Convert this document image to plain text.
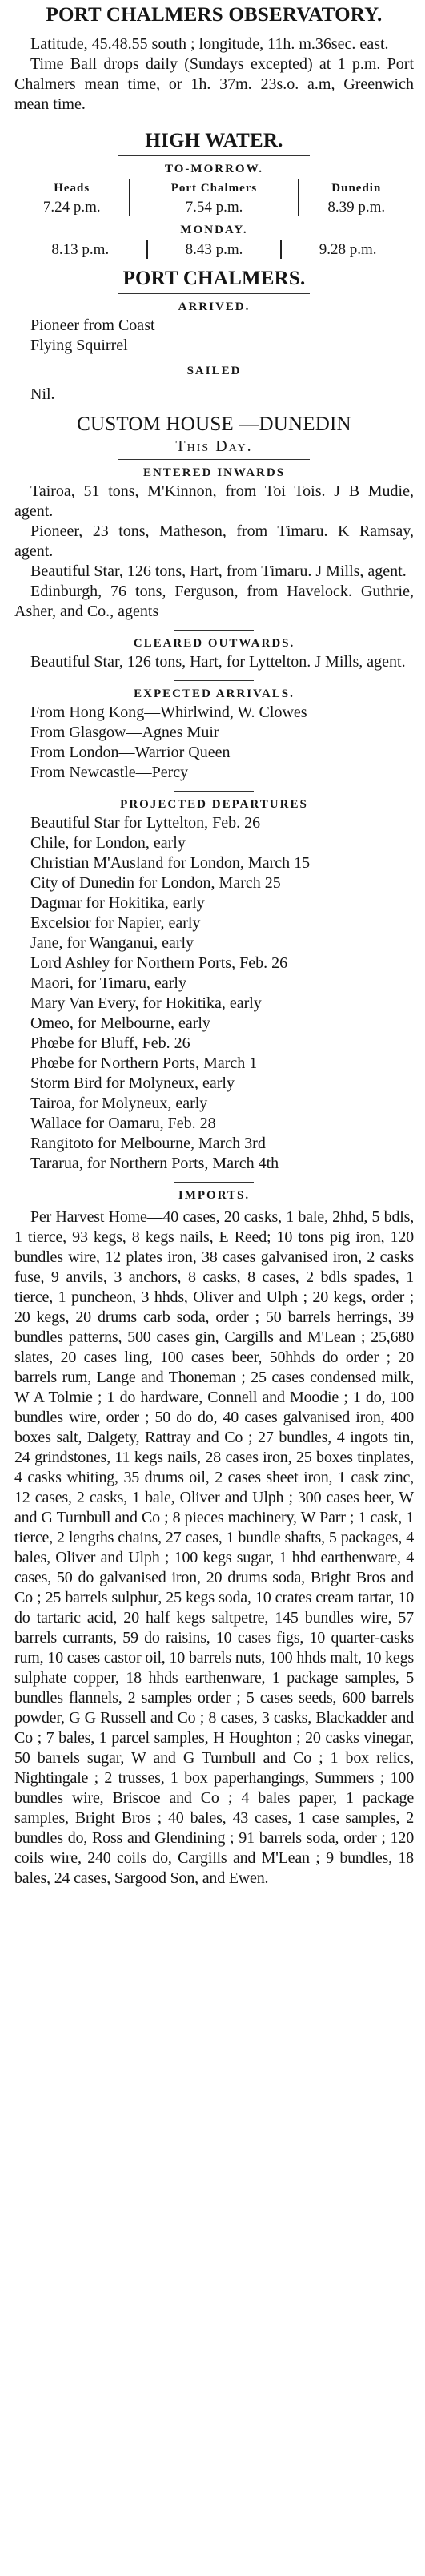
PORT CHALMERS OBSERVATORY.

Latitude, 45.48.55 south ; longitude, 11h. m.36sec. east.

Time Ball drops daily (Sundays excepted) at 1 p.m. Port Chalmers mean time, or 1h. 37m. 23s.o. a.m, Greenwich mean time.

HIGH WATER.
TO-MORROW.
Heads	Port Chalmers	Dunedin
7.24 p.m.	7.54 p.m.	8.39 p.m.
MONDAY.
8.13 p.m.	8.43 p.m.	9.28 p.m.
PORT CHALMERS.
ARRIVED.

Pioneer from Coast

Flying Squirrel

SAILED

Nil.

CUSTOM HOUSE —DUNEDIN
This Day.
ENTERED INWARDS

Tairoa, 51 tons, M'Kinnon, from Toi Tois. J B Mudie, agent.

Pioneer, 23 tons, Matheson, from Timaru. K Ramsay, agent.

Beautiful Star, 126 tons, Hart, from Timaru. J Mills, agent.

Edinburgh, 76 tons, Ferguson, from Havelock. Guthrie, Asher, and Co., agents

CLEARED OUTWARDS.

Beautiful Star, 126 tons, Hart, for Lyttelton. J Mills, agent.

EXPECTED ARRIVALS.

From Hong Kong—Whirlwind, W. Clowes

From Glasgow—Agnes Muir

From London—Warrior Queen

From Newcastle—Percy

PROJECTED DEPARTURES

Beautiful Star for Lyttelton, Feb. 26

Chile, for London, early

Christian M'Ausland for London, March 15

City of Dunedin for London, March 25

Dagmar for Hokitika, early

Excelsior for Napier, early

Jane, for Wanganui, early

Lord Ashley for Northern Ports, Feb. 26

Maori, for Timaru, early

Mary Van Every, for Hokitika, early

Omeo, for Melbourne, early

Phœbe for Bluff, Feb. 26

Phœbe for Northern Ports, March 1

Storm Bird for Molyneux, early

Tairoa, for Molyneux, early

Wallace for Oamaru, Feb. 28

Rangitoto for Melbourne, March 3rd

Tararua, for Northern Ports, March 4th

IMPORTS.

Per Harvest Home—40 cases, 20 casks, 1 bale, 2hhd, 5 bdls, 1 tierce, 93 kegs, 8 kegs nails, E Reed; 10 tons pig iron, 120 bundles wire, 12 plates iron, 38 cases galvanised iron, 2 casks fuse, 9 anvils, 3 anchors, 8 casks, 8 cases, 2 bdls spades, 1 tierce, 1 puncheon, 3 hhds, Oliver and Ulph ; 20 kegs, order ; 20 kegs, 20 drums carb soda, order ; 50 barrels herrings, 39 bundles patterns, 500 cases gin, Cargills and M'Lean ; 25,680 slates, 20 cases ling, 100 cases beer, 50hhds do order ; 20 barrels rum, Lange and Thoneman ; 25 cases condensed milk, W A Tolmie ; 1 do hardware, Connell and Moodie ; 1 do, 100 bundles wire, order ; 50 do do, 40 cases galvanised iron, 400 boxes salt, Dalgety, Rattray and Co ; 27 bundles, 4 ingots tin, 24 grindstones, 11 kegs nails, 28 cases iron, 25 boxes tinplates, 4 casks whiting, 35 drums oil, 2 cases sheet iron, 1 cask zinc, 12 cases, 2 casks, 1 bale, Oliver and Ulph ; 300 cases beer, W and G Turnbull and Co ; 8 pieces machinery, W Parr ; 1 cask, 1 tierce, 2 lengths chains, 27 cases, 1 bundle shafts, 5 packages, 4 bales, Oliver and Ulph ; 100 kegs sugar, 1 hhd earthenware, 4 cases, 50 do galvanised iron, 20 drums soda, Bright Bros and Co ; 25 barrels sulphur, 25 kegs soda, 10 crates cream tartar, 10 do tartaric acid, 20 half kegs saltpetre, 145 bundles wire, 57 barrels currants, 59 do raisins, 10 cases figs, 10 quarter-casks rum, 10 cases castor oil, 10 barrels nuts, 100 hhds malt, 10 kegs sulphate copper, 18 hhds earthenware, 1 package samples, 5 bundles flannels, 2 samples order ; 5 cases seeds, 600 barrels powder, G G Russell and Co ; 8 cases, 3 casks, Blackadder and Co ; 7 bales, 1 parcel samples, H Houghton ; 20 casks vinegar, 50 barrels sugar, W and G Turnbull and Co ; 1 box relics, Nightingale ; 2 trusses, 1 box paperhangings, Summers ; 100 bundles wire, Briscoe and Co ; 4 bales paper, 1 package samples, Bright Bros ; 40 bales, 43 cases, 1 case samples, 2 bundles do, Ross and Glendining ; 91 barrels soda, order ; 120 coils wire, 240 coils do, Cargills and M'Lean ; 9 bundles, 18 bales, 24 cases, Sargood Son, and Ewen.
